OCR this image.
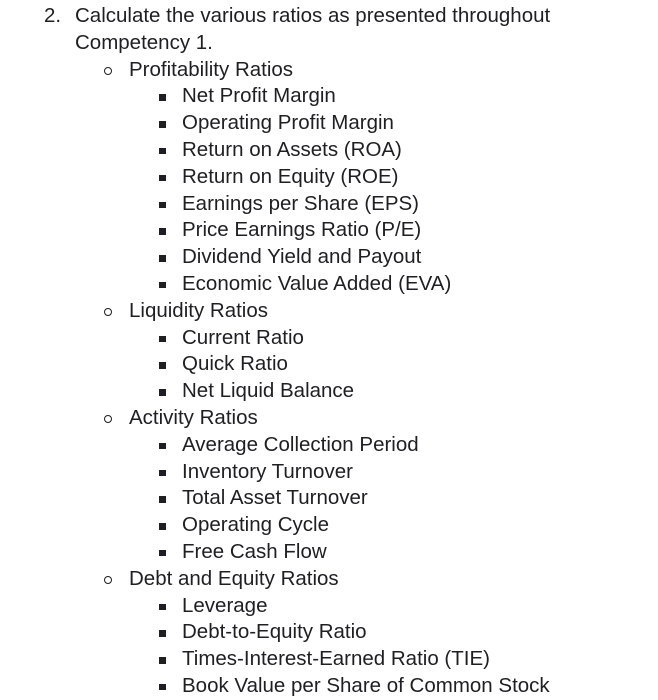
2. Calculate the various ratios as presented throughout
Competency 1.
Profitability Ratios
Net Profit Margin
Operating Profit Margin
Return on Assets (ROA)
Return on Equity (ROE)
Earnings per Share (EPS)
Price Earnings Ratio (P/E)
Dividend Yield and Payout
Economic Value Added (EVA)
Liquidity Ratios
Current Ratio
Quick Ratio
Net Liquid Balance
Activity Ratios
Average Collection Period
Inventory Turnover
Total Asset Turnover
Operating Cycle
Free Cash Flow
Debt and Equity Ratios
Leverage
Debt-to-Equity Ratio
Times-Interest-Earned Ratio (TIE)
Book Value per Share of Common Stock
